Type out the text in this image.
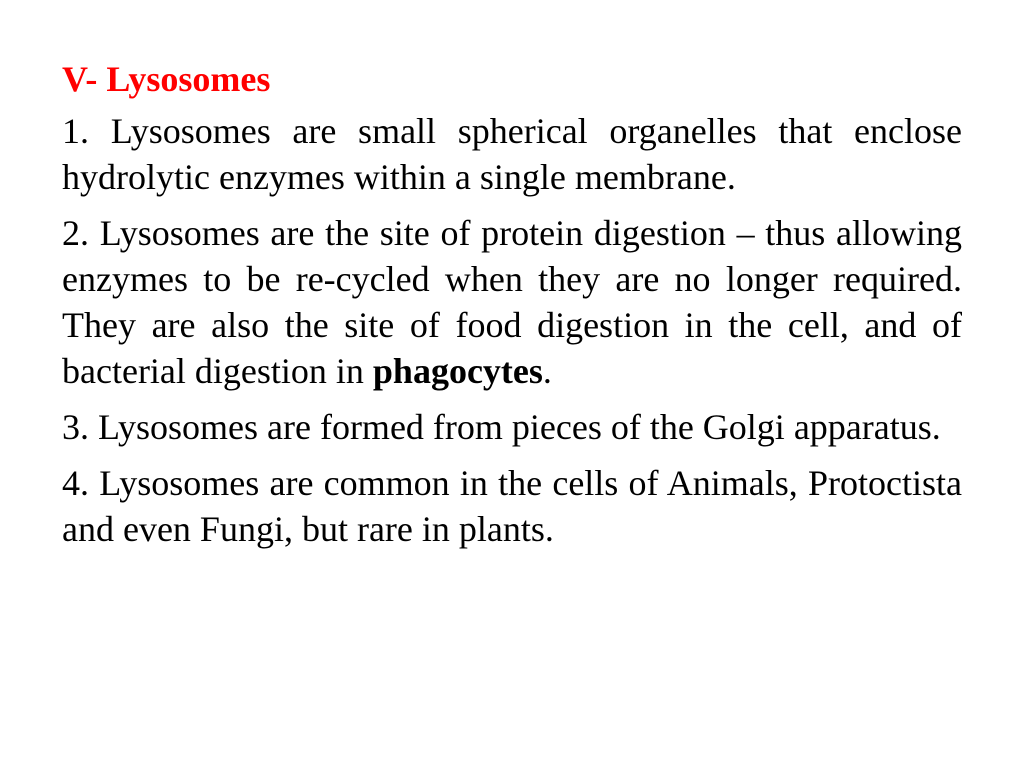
V- Lysosomes
1. Lysosomes are small spherical organelles that enclose hydrolytic enzymes within a single membrane.
2. Lysosomes are the site of protein digestion – thus allowing enzymes to be re-cycled when they are no longer required. They are also the site of food digestion in the cell, and of bacterial digestion in phagocytes.
3. Lysosomes are formed from pieces of the Golgi apparatus.
4. Lysosomes are common in the cells of Animals, Protoctista and even Fungi, but rare in plants.
